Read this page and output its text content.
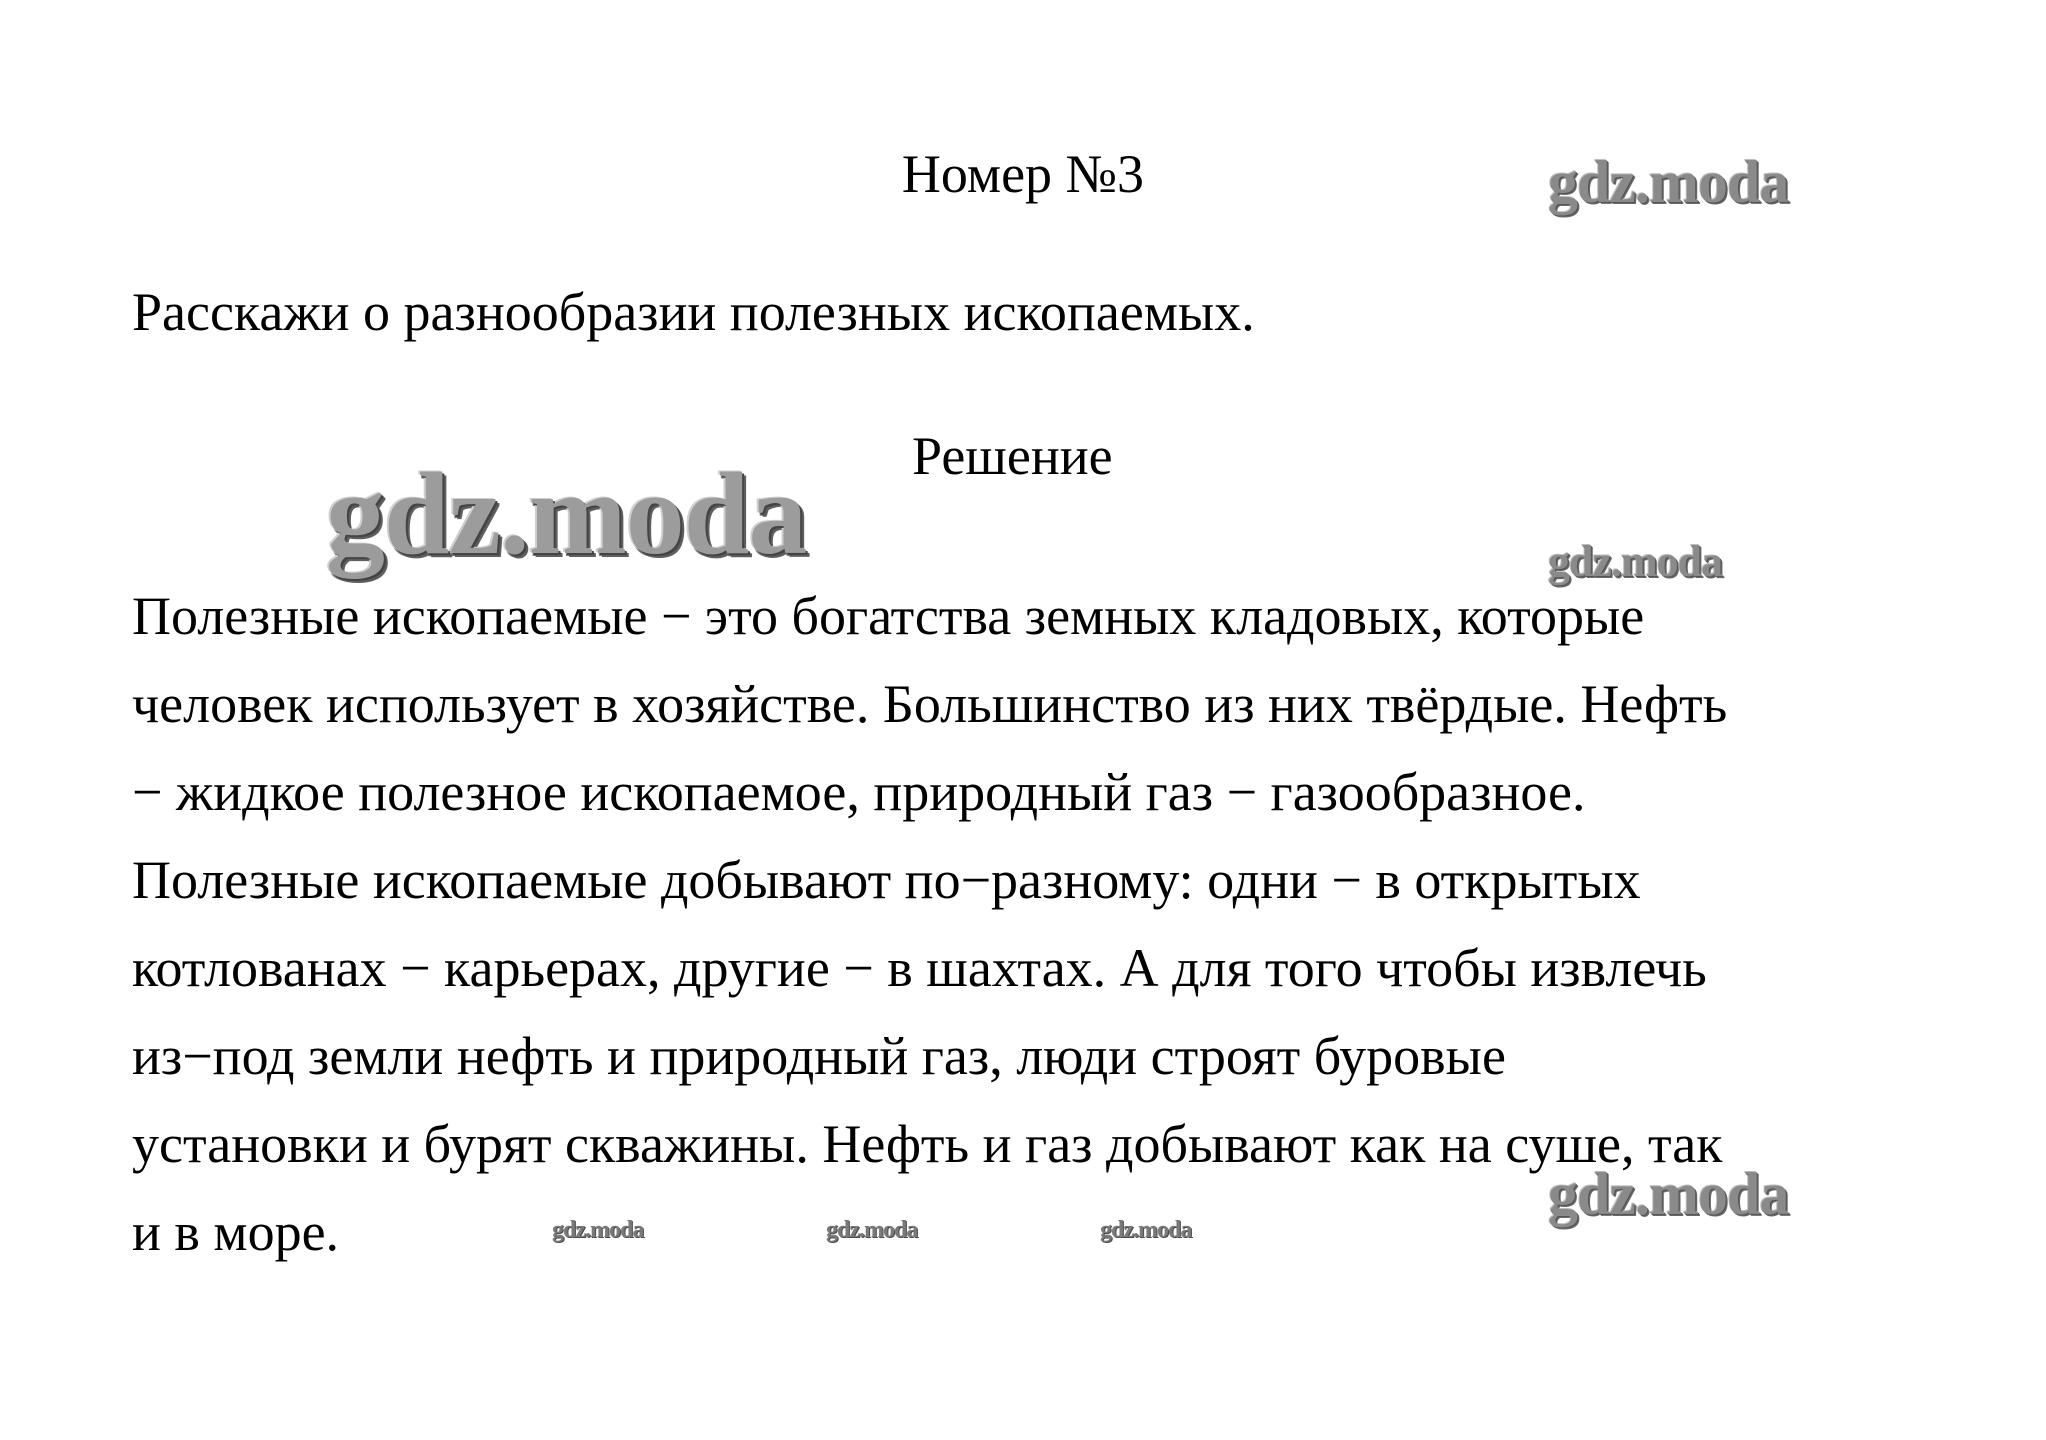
Номер №3
Расскажи о разнообразии полезных ископаемых.
Решение
Полезные ископаемые − это богатства земных кладовых, которые
человек использует в хозяйстве. Большинство из них твёрдые. Нефть
− жидкое полезное ископаемое, природный газ − газообразное.
Полезные ископаемые добывают по−разному: одни − в открытых
котлованах − карьерах, другие − в шахтах. А для того чтобы извлечь
из−под земли нефть и природный газ, люди строят буровые
установки и бурят скважины. Нефть и газ добывают как на суше, так
и в море.
gdz.moda
gdz.moda	gdz.moda
gdz.moda
gdz.moda	gdz.moda	gdz.moda
